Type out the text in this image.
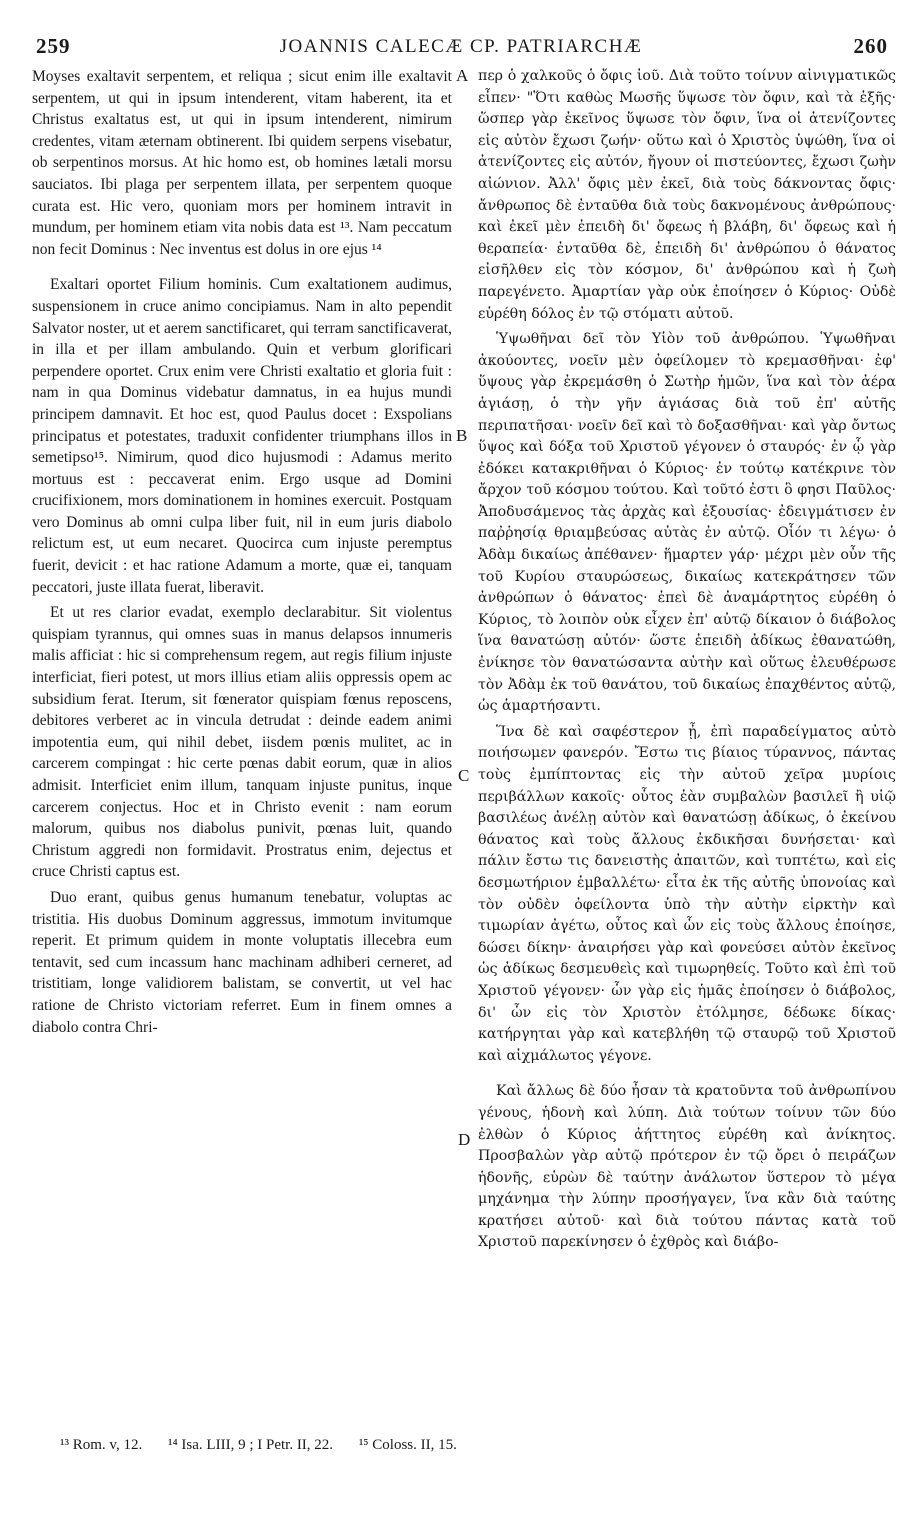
259	JOANNIS CALECÆ CP. PATRIARCHÆ	260

Moyses exaltavit serpentem, et reliqua ; sicut enim ille exaltavit serpentem, ut qui in ipsum intenderent, vitam haberent, ita et Christus exaltatus est, ut qui in ipsum intenderent, nimirum credentes, vitam æternam obtinerent. Ibi quidem serpens visebatur, ob serpentinos morsus. At hic homo est, ob homines lætali morsu sauciatos. Ibi plaga per serpentem illata, per serpentem quoque curata est. Hic vero, quoniam mors per hominem intravit in mundum, per hominem etiam vita nobis data est ¹³. Nam peccatum non fecit Dominus : Nec inventus est dolus in ore ejus ¹⁴

Exaltari oportet Filium hominis. Cum exaltationem audimus, suspensionem in cruce animo concipiamus. Nam in alto pependit Salvator noster, ut et aerem sanctificaret, qui terram sanctificaverat, in illa et per illam ambulando. Quin et verbum glorificari perpendere oportet. Crux enim vere Christi exaltatio et gloria fuit : nam in qua Dominus videbatur damnatus, in ea hujus mundi principem damnavit. Et hoc est, quod Paulus docet : Exspolians principatus et potestates, traduxit confidenter triumphans illos in semetipso¹⁵. Nimirum, quod dico hujusmodi : Adamus merito mortuus est : peccaverat enim. Ergo usque ad Domini crucifixionem, mors dominationem in homines exercuit. Postquam vero Dominus ab omni culpa liber fuit, nil in eum juris diabolo relictum est, ut eum necaret. Quocirca cum injuste peremptus fuerit, devicit : et hac ratione Adamum a morte, quæ ei, tanquam peccatori, juste illata fuerat, liberavit.

Et ut res clarior evadat, exemplo declarabitur. Sit violentus quispiam tyrannus, qui omnes suas in manus delapsos innumeris malis afficiat : hic si comprehensum regem, aut regis filium injuste interficiat, fieri potest, ut mors illius etiam aliis oppressis opem ac subsidium ferat. Iterum, sit fœnerator quispiam fœnus reposcens, debitores verberet ac in vincula detrudat : deinde eadem animi impotentia eum, qui nihil debet, iisdem pœnis mulitet, ac in carcerem compingat : hic certe pœnas dabit eorum, quæ in alios admisit. Interficiet enim illum, tanquam injuste punitus, inque carcerem conjectus. Hoc et in Christo evenit : nam eorum malorum, quibus nos diabolus punivit, pœnas luit, quando Christum aggredi non formidavit. Prostratus enim, dejectus et cruce Christi captus est.

Duo erant, quibus genus humanum tenebatur, voluptas ac tristitia. His duobus Dominum aggressus, immotum invitumque reperit. Et primum quidem in monte voluptatis illecebra eum tentavit, sed cum incassum hanc machinam adhiberi cerneret, ad tristitiam, longe validiorem balistam, se convertit, ut vel hac ratione de Christo victoriam referret. Eum in finem omnes a diabolo contra Chri-

A
B
C
D

περ ὁ χαλκοῦς ὁ ὄφις ἰοῦ. Διὰ τοῦτο τοίνυν αἰνιγματικῶς εἶπεν· "Ὅτι καθὼς Μωσῆς ὕψωσε τὸν ὄφιν, καὶ τὰ ἑξῆς· ὥσπερ γὰρ ἐκεῖνος ὕψωσε τὸν ὄφιν, ἵνα οἱ ἀτενίζοντες εἰς αὐτὸν ἔχωσι ζωήν· οὕτω καὶ ὁ Χριστὸς ὑψώθη, ἵνα οἱ ἀτενίζοντες εἰς αὐτόν, ἤγουν οἱ πιστεύοντες, ἔχωσι ζωὴν αἰώνιον. Ἀλλ' ὄφις μὲν ἐκεῖ, διὰ τοὺς δάκνοντας ὄφις· ἄνθρωπος δὲ ἐνταῦθα διὰ τοὺς δακνομένους ἀνθρώπους· καὶ ἐκεῖ μὲν ἐπειδὴ δι' ὄφεως ἡ βλάβη, δι' ὄφεως καὶ ἡ θεραπεία· ἐνταῦθα δὲ, ἐπειδὴ δι' ἀνθρώπου ὁ θάνατος εἰσῆλθεν εἰς τὸν κόσμον, δι' ἀνθρώπου καὶ ἡ ζωὴ παρεγένετο. Ἀμαρτίαν γὰρ οὐκ ἐποίησεν ὁ Κύριος· Οὐδὲ εὑρέθη δόλος ἐν τῷ στόματι αὐτοῦ.

Ὑψωθῆναι δεῖ τὸν Υἱὸν τοῦ ἀνθρώπου. Ὑψωθῆναι ἀκούοντες, νοεῖν μὲν ὀφείλομεν τὸ κρεμασθῆναι· ἐφ' ὕψους γὰρ ἐκρεμάσθη ὁ Σωτὴρ ἡμῶν, ἵνα καὶ τὸν ἀέρα ἁγιάσῃ, ὁ τὴν γῆν ἁγιάσας διὰ τοῦ ἐπ' αὐτῆς περιπατῆσαι· νοεῖν δεῖ καὶ τὸ δοξασθῆναι· καὶ γὰρ ὄντως ὕψος καὶ δόξα τοῦ Χριστοῦ γέγονεν ὁ σταυρός· ἐν ᾧ γὰρ ἐδόκει κατακριθῆναι ὁ Κύριος· ἐν τούτῳ κατέκρινε τὸν ἄρχον τοῦ κόσμου τούτου. Καὶ τοῦτό ἐστι ὃ φησι Παῦλος· Ἀποδυσάμενος τὰς ἀρχὰς καὶ ἐξουσίας· ἐδειγμάτισεν ἐν παῤῥησίᾳ θριαμβεύσας αὐτὰς ἐν αὐτῷ. Οἷόν τι λέγω· ὁ Ἀδὰμ δικαίως ἀπέθανεν· ἥμαρτεν γάρ· μέχρι μὲν οὖν τῆς τοῦ Κυρίου σταυρώσεως, δικαίως κατεκράτησεν τῶν ἀνθρώπων ὁ θάνατος· ἐπεὶ δὲ ἀναμάρτητος εὑρέθη ὁ Κύριος, τὸ λοιπὸν οὐκ εἶχεν ἐπ' αὐτῷ δίκαιον ὁ διάβολος ἵνα θανατώσῃ αὐτόν· ὥστε ἐπειδὴ ἀδίκως ἐθανατώθη, ἐνίκησε τὸν θανατώσαντα αὐτὴν καὶ οὕτως ἐλευθέρωσε τὸν Ἀδὰμ ἐκ τοῦ θανάτου, τοῦ δικαίως ἐπαχθέντος αὐτῷ, ὡς ἁμαρτήσαντι.

Ἵνα δὲ καὶ σαφέστερον ᾖ, ἐπὶ παραδείγματος αὐτὸ ποιήσωμεν φανερόν. Ἔστω τις βίαιος τύραννος, πάντας τοὺς ἐμπίπτοντας εἰς τὴν αὐτοῦ χεῖρα μυρίοις περιβάλλων κακοῖς· οὗτος ἐὰν συμβαλὼν βασιλεῖ ἢ υἱῷ βασιλέως ἀνέλῃ αὐτὸν καὶ θανατώσῃ ἀδίκως, ὁ ἐκείνου θάνατος καὶ τοὺς ἄλλους ἐκδικῆσαι δυνήσεται· καὶ πάλιν ἔστω τις δανειστὴς ἀπαιτῶν, καὶ τυπτέτω, καὶ εἰς δεσμωτήριον ἐμβαλλέτω· εἶτα ἐκ τῆς αὐτῆς ὑπονοίας καὶ τὸν οὐδὲν ὀφείλοντα ὑπὸ τὴν αὐτὴν εἱρκτὴν καὶ τιμωρίαν ἀγέτω, οὗτος καὶ ὧν εἰς τοὺς ἄλλους ἐποίησε, δώσει δίκην· ἀναιρήσει γὰρ καὶ φονεύσει αὐτὸν ἐκεῖνος ὡς ἀδίκως δεσμευθεὶς καὶ τιμωρηθείς. Τοῦτο καὶ ἐπὶ τοῦ Χριστοῦ γέγονεν· ὧν γὰρ εἰς ἡμᾶς ἐποίησεν ὁ διάβολος, δι' ὧν εἰς τὸν Χριστὸν ἐτόλμησε, δέδωκε δίκας· κατήργηται γὰρ καὶ κατεβλήθη τῷ σταυρῷ τοῦ Χριστοῦ καὶ αἰχμάλωτος γέγονε.

Καὶ ἄλλως δὲ δύο ἦσαν τὰ κρατοῦντα τοῦ ἀνθρωπίνου γένους, ἡδονὴ καὶ λύπη. Διὰ τούτων τοίνυν τῶν δύο ἐλθὼν ὁ Κύριος ἀήττητος εὑρέθη καὶ ἀνίκητος. Προσβαλὼν γὰρ αὐτῷ πρότερον ἐν τῷ ὄρει ὁ πειράζων ἡδονῆς, εὑρὼν δὲ ταύτην ἀνάλωτον ὕστερον τὸ μέγα μηχάνημα τὴν λύπην προσήγαγεν, ἵνα κἂν διὰ ταύτης κρατήσει αὐτοῦ· καὶ διὰ τούτου πάντας κατὰ τοῦ Χριστοῦ παρεκίνησεν ὁ ἐχθρὸς καὶ διάβο-

¹³ Rom. v, 12. ¹⁴ Isa. LIII, 9 ; I Petr. II, 22. ¹⁵ Coloss. II, 15.
